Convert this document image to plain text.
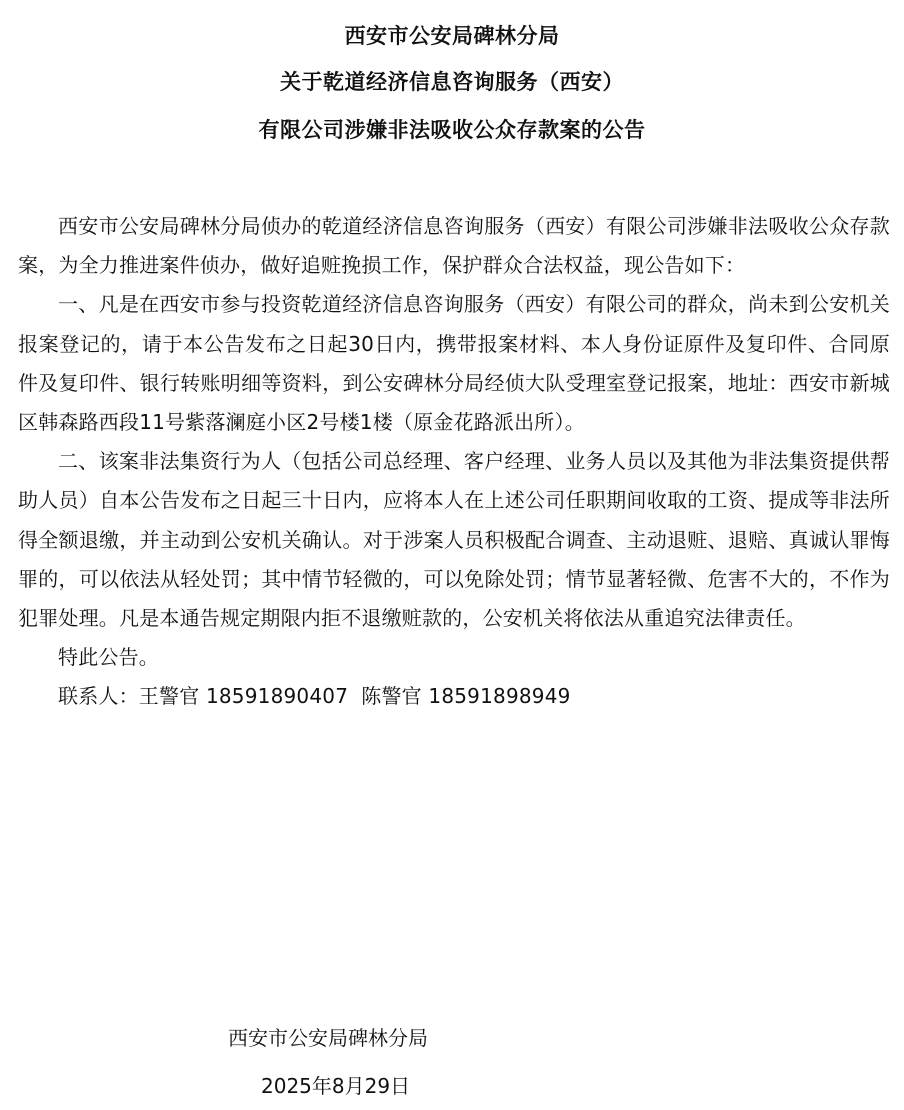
西安市公安局碑林分局
关于乾道经济信息咨询服务（西安）
有限公司涉嫌非法吸收公众存款案的公告

西安市公安局碑林分局侦办的乾道经济信息咨询服务（西安）有限公司涉嫌非法吸收公众存款案，为全力推进案件侦办，做好追赃挽损工作，保护群众合法权益，现公告如下：

一、凡是在西安市参与投资乾道经济信息咨询服务（西安）有限公司的群众，尚未到公安机关报案登记的，请于本公告发布之日起30日内，携带报案材料、本人身份证原件及复印件、合同原件及复印件、银行转账明细等资料，到公安碑林分局经侦大队受理室登记报案，地址：西安市新城区韩森路西段11号紫落澜庭小区2号楼1楼（原金花路派出所）。

二、该案非法集资行为人（包括公司总经理、客户经理、业务人员以及其他为非法集资提供帮助人员）自本公告发布之日起三十日内，应将本人在上述公司任职期间收取的工资、提成等非法所得全额退缴，并主动到公安机关确认。对于涉案人员积极配合调查、主动退赃、退赔、真诚认罪悔罪的，可以依法从轻处罚；其中情节轻微的，可以免除处罚；情节显著轻微、危害不大的，不作为犯罪处理。凡是本通告规定期限内拒不退缴赃款的，公安机关将依法从重追究法律责任。

特此公告。

联系人：王警官 18591890407  陈警官 18591898949

西安市公安局碑林分局
2025年8月29日
